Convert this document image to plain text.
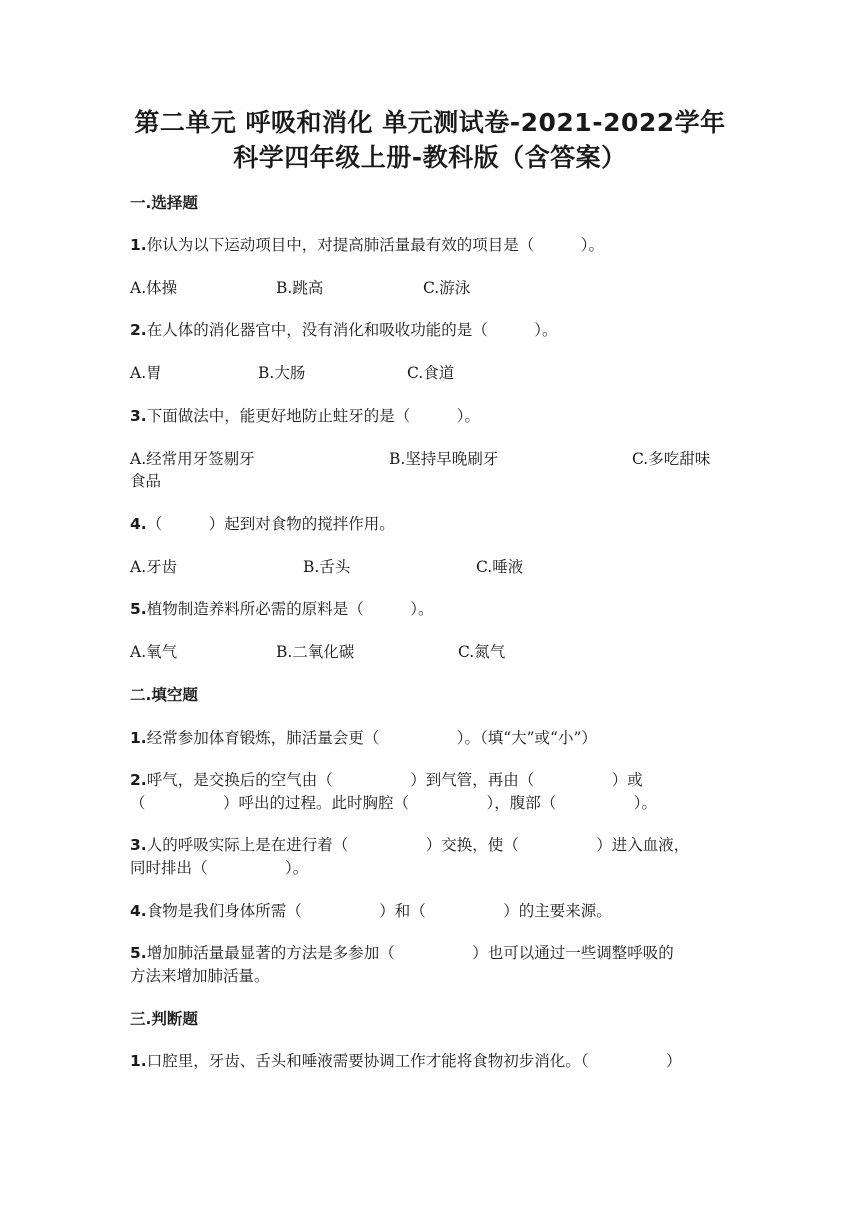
第二单元 呼吸和消化 单元测试卷-2021-2022学年
科学四年级上册-教科版（含答案）
一.选择题
1.你认为以下运动项目中，对提高肺活量最有效的项目是（　　　）。
A.体操	B.跳高	C.游泳
2.在人体的消化器官中，没有消化和吸收功能的是（　　　）。
A.胃	B.大肠	C.食道
3.下面做法中，能更好地防止蛀牙的是（　　　）。
A.经常用牙签剔牙	B.坚持早晚刷牙	C.多吃甜味
食品
4.（　　　）起到对食物的搅拌作用。
A.牙齿	B.舌头	C.唾液
5.植物制造养料所必需的原料是（　　　）。
A.氧气	B.二氧化碳	C.氮气
二.填空题
1.经常参加体育锻炼，肺活量会更（　　　　　）。（填“大”或“小”）
2.呼气，是交换后的空气由（　　　　　）到气管，再由（　　　　　）或
（　　　　　）呼出的过程。此时胸腔（　　　　　），腹部（　　　　　）。
3.人的呼吸实际上是在进行着（　　　　　）交换，使（　　　　　）进入血液，
同时排出（　　　　　）。
4.食物是我们身体所需（　　　　　）和（　　　　　）的主要来源。
5.增加肺活量最显著的方法是多参加（　　　　　）也可以通过一些调整呼吸的
方法来增加肺活量。
三.判断题
1.口腔里，牙齿、舌头和唾液需要协调工作才能将食物初步消化。（　　　　　）
